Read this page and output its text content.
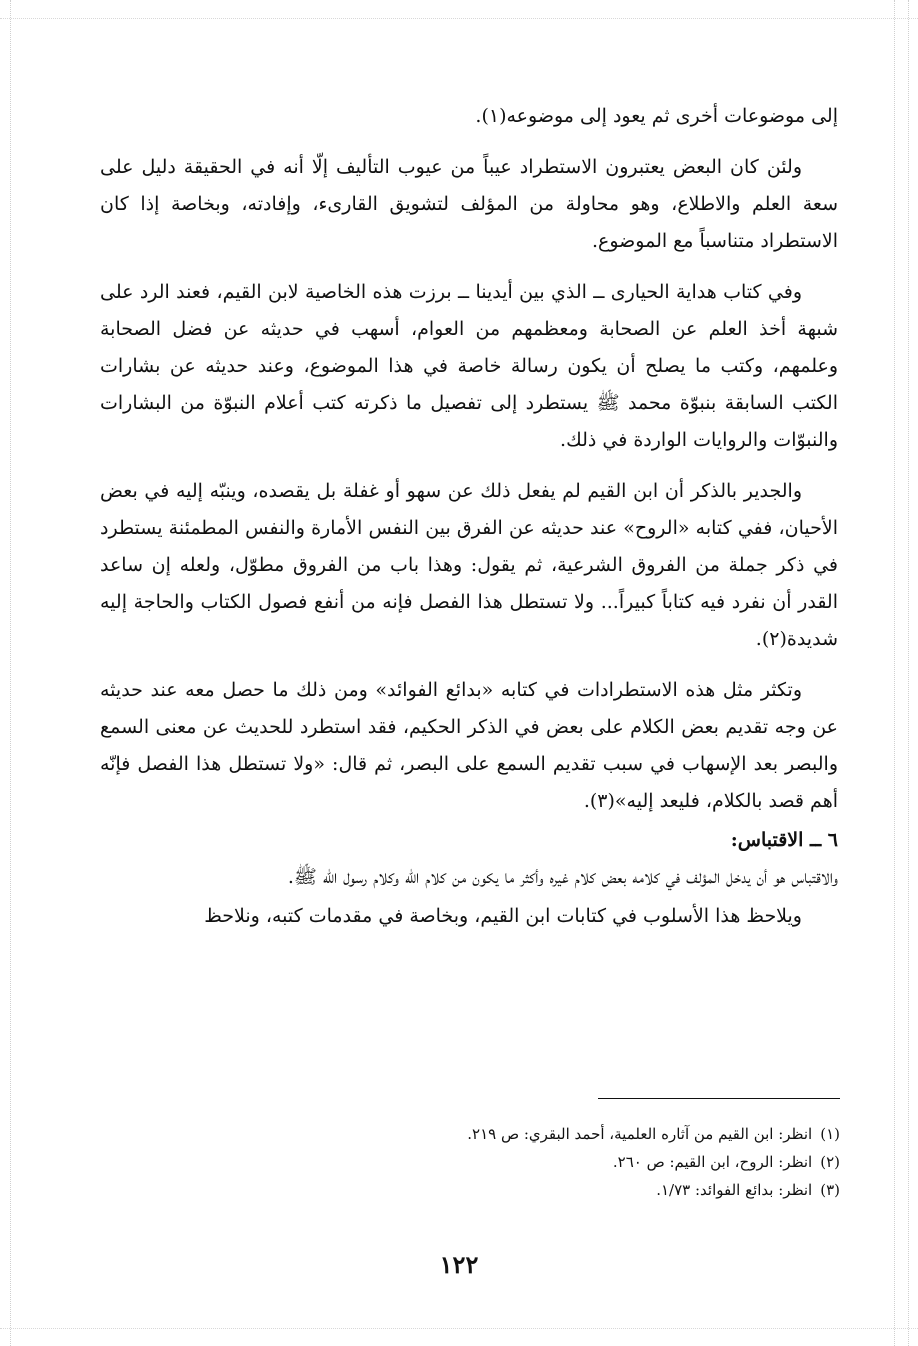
إلى موضوعات أخرى ثم يعود إلى موضوعه(١).

ولئن كان البعض يعتبرون الاستطراد عيباً من عيوب التأليف إلّا أنه في الحقيقة دليل على سعة العلم والاطلاع، وهو محاولة من المؤلف لتشويق القارىء، وإفادته، وبخاصة إذا كان الاستطراد متناسباً مع الموضوع.

وفي كتاب هداية الحيارى ــ الذي بين أيدينا ــ برزت هذه الخاصية لابن القيم، فعند الرد على شبهة أخذ العلم عن الصحابة ومعظمهم من العوام، أسهب في حديثه عن فضل الصحابة وعلمهم، وكتب ما يصلح أن يكون رسالة خاصة في هذا الموضوع، وعند حديثه عن بشارات الكتب السابقة بنبوّة محمد ﷺ يستطرد إلى تفصيل ما ذكرته كتب أعلام النبوّة من البشارات والنبوّات والروايات الواردة في ذلك.

والجدير بالذكر أن ابن القيم لم يفعل ذلك عن سهو أو غفلة بل يقصده، وينبّه إليه في بعض الأحيان، ففي كتابه «الروح» عند حديثه عن الفرق بين النفس الأمارة والنفس المطمئنة يستطرد في ذكر جملة من الفروق الشرعية، ثم يقول: وهذا باب من الفروق مطوّل، ولعله إن ساعد القدر أن نفرد فيه كتاباً كبيراً... ولا تستطل هذا الفصل فإنه من أنفع فصول الكتاب والحاجة إليه شديدة(٢).

وتكثر مثل هذه الاستطرادات في كتابه «بدائع الفوائد» ومن ذلك ما حصل معه عند حديثه عن وجه تقديم بعض الكلام على بعض في الذكر الحكيم، فقد استطرد للحديث عن معنى السمع والبصر بعد الإسهاب في سبب تقديم السمع على البصر، ثم قال: «ولا تستطل هذا الفصل فإنّه أهم قصد بالكلام، فليعد إليه»(٣).

٦ ــ الاقتباس:

والاقتباس هو أن يدخل المؤلف في كلامه بعض كلام غيره وأكثر ما يكون من كلام الله وكلام رسول الله ﷺ.

ويلاحظ هذا الأسلوب في كتابات ابن القيم، وبخاصة في مقدمات كتبه، ونلاحظ

(١)انظر: ابن القيم من آثاره العلمية، أحمد البقري: ص ٢١٩.

(٢)انظر: الروح، ابن القيم: ص ٢٦٠.

(٣)انظر: بدائع الفوائد: ١/٧٣.

١٢٢
